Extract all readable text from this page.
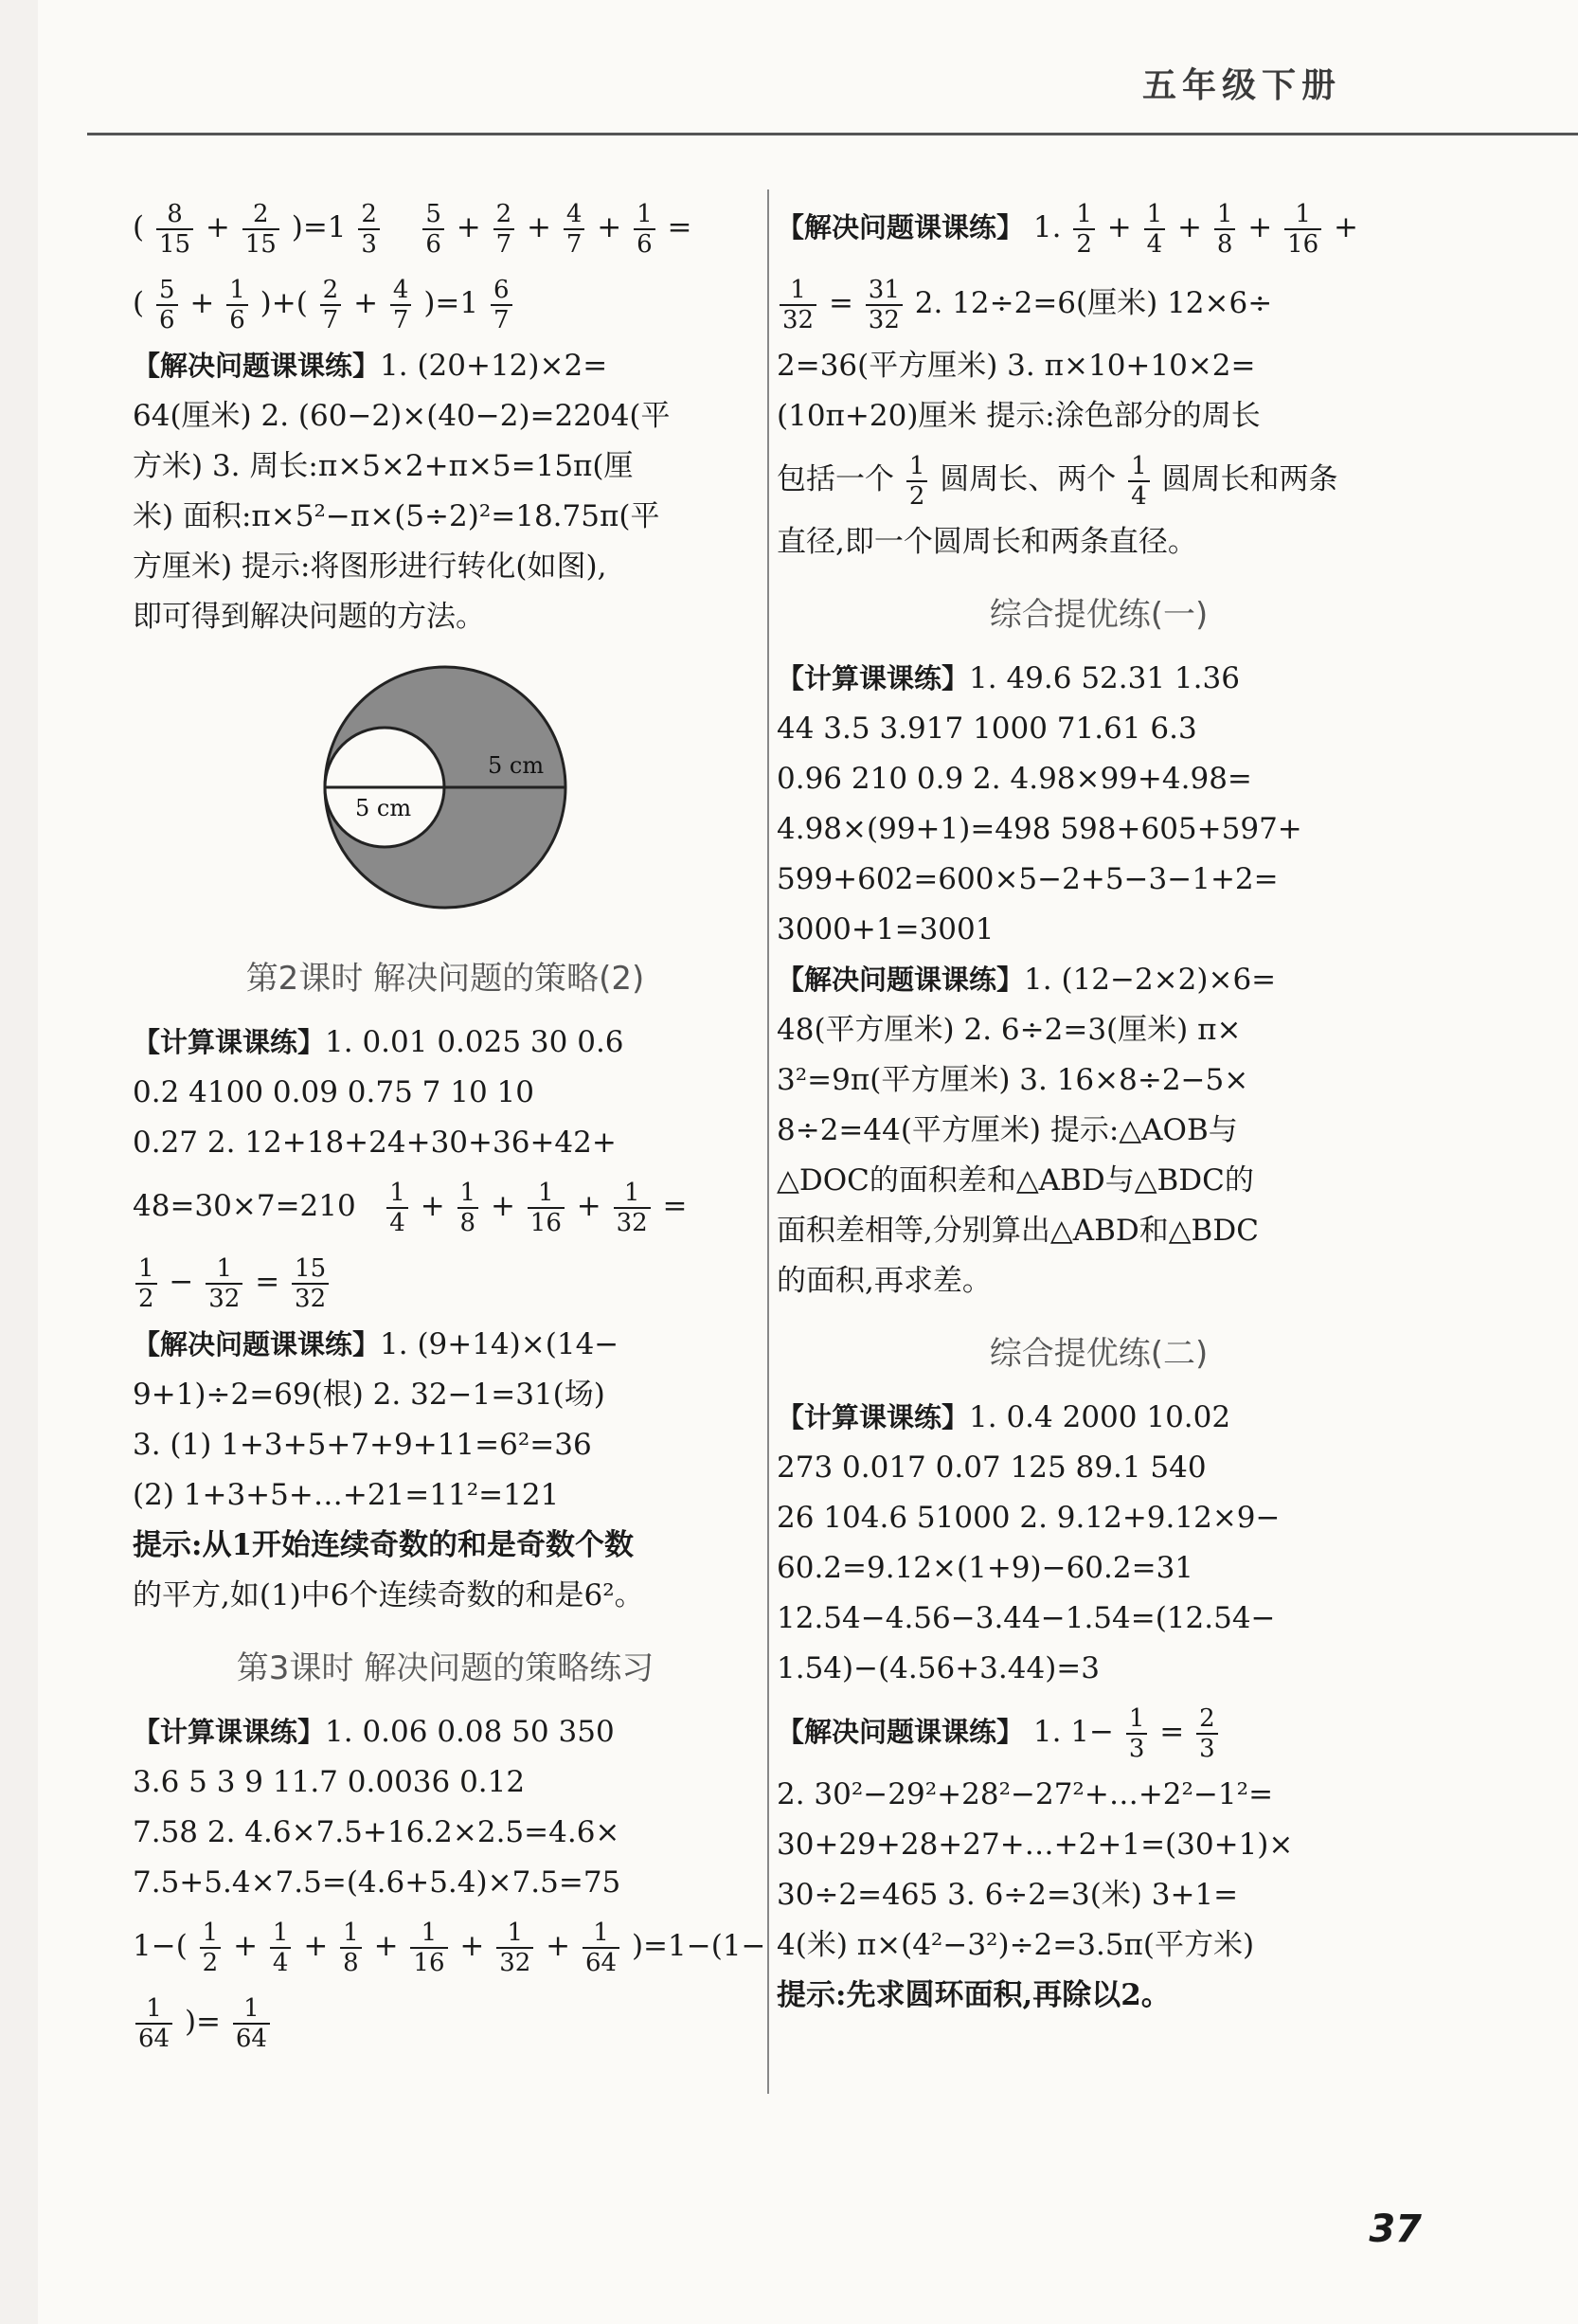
五年级下册
( $\frac{8}{15} + \frac{2}{15} )=1 \frac{2}{3}$
$\frac{5}{6} + \frac{2}{7} + \frac{4}{7} + \frac{1}{6}$ =
( $\frac{5}{6} + \frac{1}{6}$ )+( $\frac{2}{7} + \frac{4}{7} )=1 \frac{6}{7}$
【解决问题课课练】1. (20+12)×2=
64(厘米) 2. (60−2)×(40−2)=2204(平
方米) 3. 周长:π×5×2+π×5=15π(厘
米) 面积:π×5²−π×(5÷2)²=18.75π(平
方厘米) 提示:将图形进行转化(如图),
即可得到解决问题的方法。
5 cm
5 cm
第2课时 解决问题的策略(2)
【计算课课练】1. 0.01 0.025 30 0.6
0.2 4100 0.09 0.75 7 10 10
0.27 2. 12+18+24+30+36+42+
$48=30\times 7=210 \frac{1}{4} + \frac{1}{8} + \frac{1}{16} + \frac{1}{32}$ =
$\frac{1}{2} - \frac{1}{32} = \frac{15}{32}$
【解决问题课课练】1. (9+14)×(14−
9+1)÷2=69(根) 2. 32−1=31(场)
3. (1) 1+3+5+7+9+11=6²=36
(2) 1+3+5+…+21=11²=121
提示:从1开始连续奇数的和是奇数个数
的平方,如(1)中6个连续奇数的和是6²。
第3课时 解决问题的策略练习
【计算课课练】1. 0.06 0.08 50 350
3.6 5 3 9 11.7 0.0036 0.12
7.58 2. 4.6×7.5+16.2×2.5=4.6×
7.5+5.4×7.5=(4.6+5.4)×7.5=75
$1-( \frac{1}{2} + \frac{1}{4} + \frac{1}{8} + \frac{1}{16} + \frac{1}{32} + \frac{1}{64} )=1-(1-$
$\frac{1}{64}$ )= $\frac{1}{64}$
【解决问题课课练】 1. $\frac{1}{2} + \frac{1}{4} + \frac{1}{8} + \frac{1}{16}$ +
$\frac{1}{32} = \frac{31}{32} 2$. 12÷2=6(厘米) 12×6÷
2=36(平方厘米) 3. π×10+10×2=
(10π+20)厘米 提示:涂色部分的周长
包括一个 $\frac{1}{2}$ 圆周长、两个 $\frac{1}{4}$ 圆周长和两条
直径,即一个圆周长和两条直径。
综合提优练(一)
【计算课课练】1. 49.6 52.31 1.36
44 3.5 3.917 1000 71.61 6.3
0.96 210 0.9 2. 4.98×99+4.98=
4.98×(99+1)=498 598+605+597+
599+602=600×5−2+5−3−1+2=
3000+1=3001
【解决问题课课练】1. (12−2×2)×6=
48(平方厘米) 2. 6÷2=3(厘米) π×
3²=9π(平方厘米) 3. 16×8÷2−5×
8÷2=44(平方厘米) 提示:△AOB与
△DOC的面积差和△ABD与△BDC的
面积差相等,分别算出△ABD和△BDC
的面积,再求差。
综合提优练(二)
【计算课课练】1. 0.4 2000 10.02
273 0.017 0.07 125 89.1 540
26 104.6 51000 2. 9.12+9.12×9−
60.2=9.12×(1+9)−60.2=31
12.54−4.56−3.44−1.54=(12.54−
1.54)−(4.56+3.44)=3
【解决问题课课练】 1. $1- \frac{1}{3} = \frac{2}{3}$
2. 30²−29²+28²−27²+…+2²−1²=
30+29+28+27+…+2+1=(30+1)×
30÷2=465 3. 6÷2=3(米) 3+1=
4(米) π×(4²−3²)÷2=3.5π(平方米)
提示:先求圆环面积,再除以2。
37
